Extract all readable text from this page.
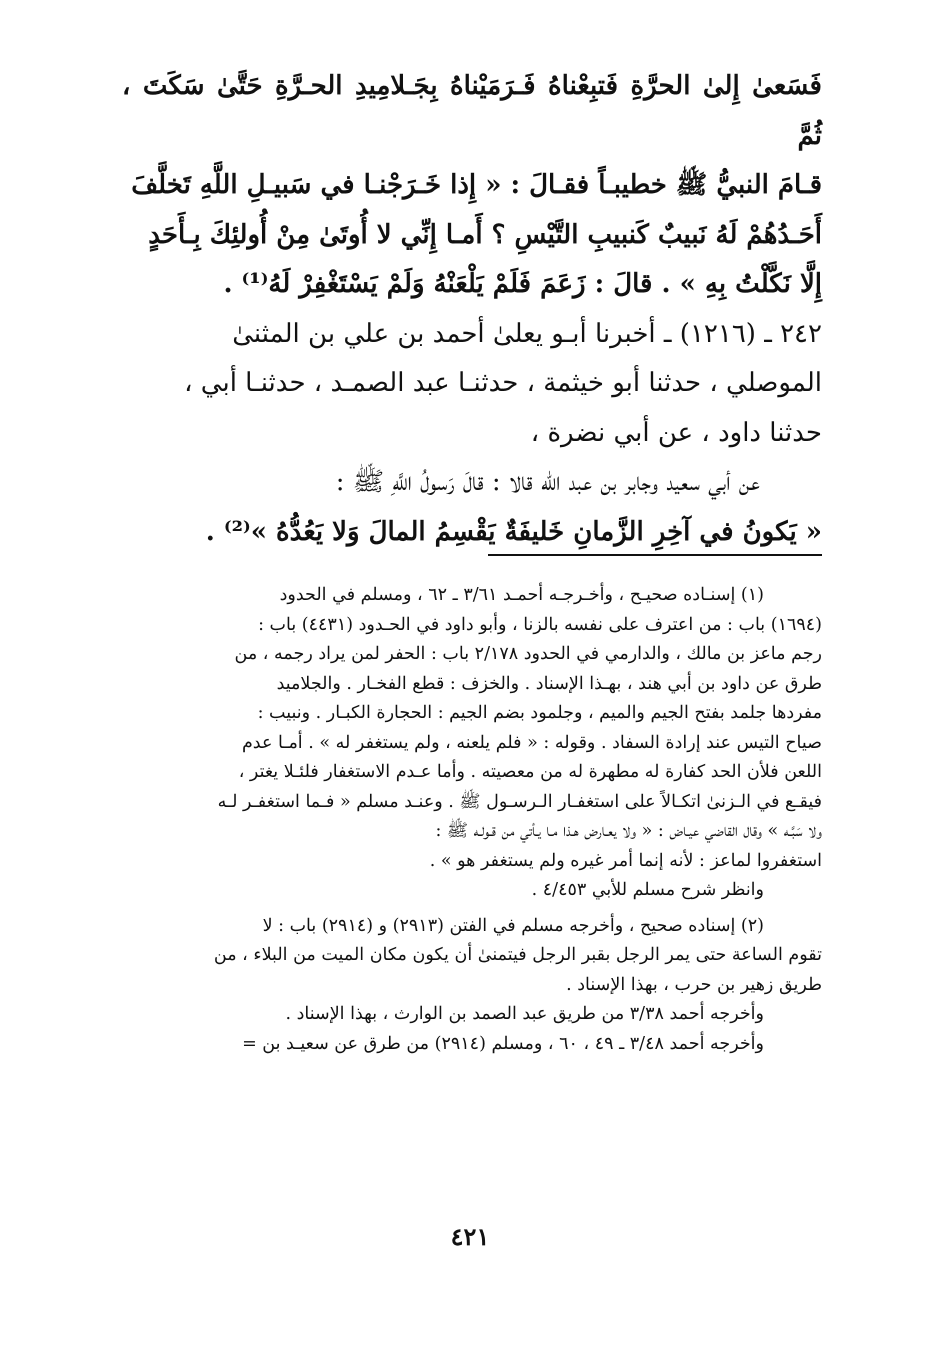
فَسَعىٰ إِلىٰ الحرَّةِ فَتبِعْناهُ فَـرَمَيْناهُ بِجَـلامِيدِ الحـرَّةِ حَتَّىٰ سَكَتَ ، ثُمَّ

قـامَ النبيُّ ﷺ خطيبـاً فقـالَ : « إِذا خَـرَجْنـا في سَبيـلِ اللَّهِ تَخلَّفَ

أَحَـدُهُمْ لَهُ نَبيبٌ كَنبيبِ التَّيْسِ ؟ أَمـا إِنِّي لا أُوتَىٰ مِنْ أُولئِكَ بِـأَحَدٍ

إِلَّا نَكَّلْتُ بِهِ » . قالَ : زَعَمَ فَلَمْ يَلْعَنْهُ وَلَمْ يَسْتَغْفِرْ لَهُ⁽¹⁾ .

٢٤٢ ـ (١٢١٦) ـ أخبرنا أبـو يعلىٰ أحمد بن علي بن المثنىٰ

الموصلي ، حدثنا أبو خيثمة ، حدثنـا عبد الصمـد ، حدثنـا أبي ،

حدثنا داود ، عن أبي نضرة ،

عن أبي سعيد وجابر بن عبد الله قالا : قالَ رَسولُ اللَّهِ ﷺ :

« يَكونُ في آخِرِ الزَّمانِ خَليفَةٌ يَقْسِمُ المالَ وَلا يَعُدُّهُ »⁽²⁾ .

(١) إسنـاده صحيـح ، وأخـرجـه أحمـد ٣/٦١ ـ ٦٢ ، ومسلم في الحدود

(١٦٩٤) باب : من اعترف على نفسه بالزنا ، وأبو داود في الحـدود (٤٤٣١) باب :

رجم ماعز بن مالك ، والدارمي في الحدود ٢/١٧٨ باب : الحفر لمن يراد رجمه ، من

طرق عن داود بن أبي هند ، بهـذا الإسناد . والخزف : قطع الفخـار . والجلاميد

مفردها جلمد بفتح الجيم والميم ، وجلمود بضم الجيم : الحجارة الكبـار . ونبيب :

صياح التيس عند إرادة السفاد . وقوله : « فلم يلعنه ، ولم يستغفر له » . أمـا عدم

اللعن فلأن الحد كفارة له مطهرة له من معصيته . وأما عـدم الاستغفار فلئـلا يغتر ،

فيقـع في الـزنىٰ اتكـالاً على استغفـار الـرسـول ﷺ . وعنـد مسلم « فـما استغفـر لـه

ولا سَبَّـه » وقال القاضي عيـاض : « ولا يعـارض هـذا مـا يـأتي من قـولـه ﷺ :

استغفروا لماعز : لأنه إنما أمر غيره ولم يستغفر هو » .

وانظر شرح مسلم للأبي ٤/٤٥٣ .

(٢) إسناده صحيح ، وأخرجه مسلم في الفتن (٢٩١٣) و (٢٩١٤) باب : لا

تقوم الساعة حتى يمر الرجل بقبر الرجل فيتمنىٰ أن يكون مكان الميت من البلاء ، من

طريق زهير بن حرب ، بهذا الإسناد .

وأخرجه أحمد ٣/٣٨ من طريق عبد الصمد بن الوارث ، بهذا الإسناد .

وأخرجه أحمد ٣/٤٨ ـ ٤٩ ، ٦٠ ، ومسلم (٢٩١٤) من طرق عن سعيـد بن =

٤٢١
